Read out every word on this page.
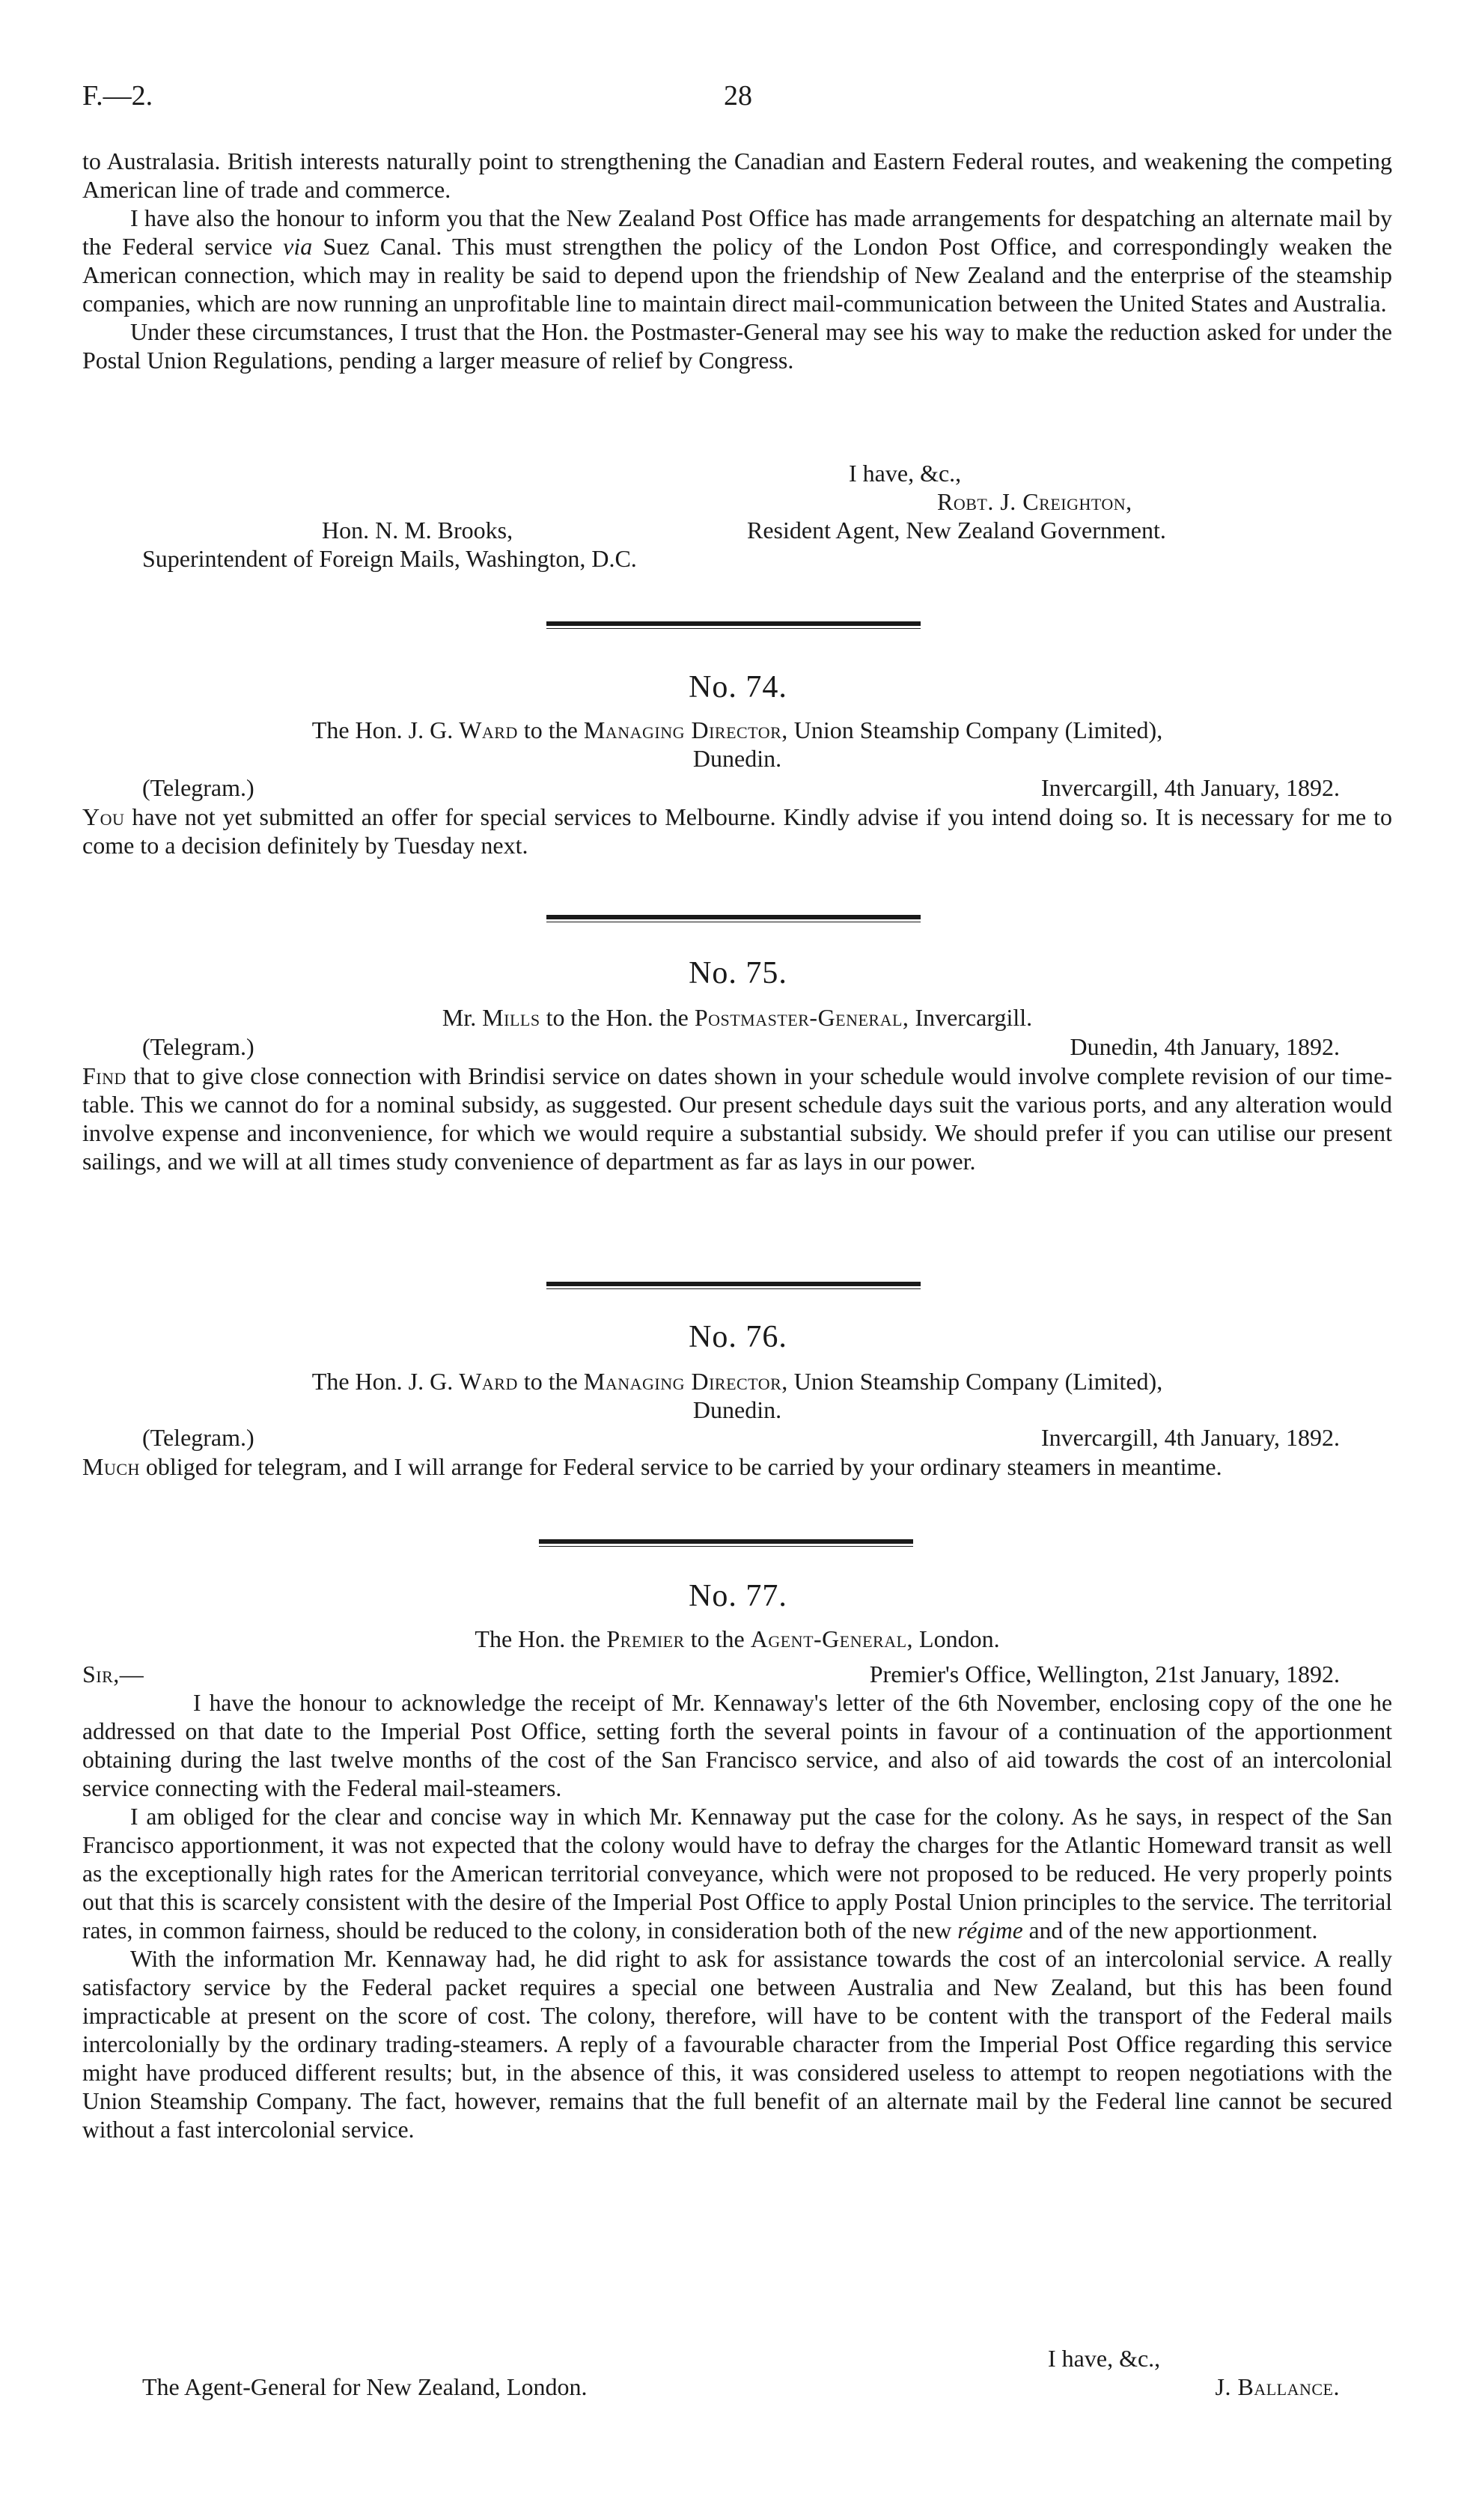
F.—2.	28

to Australasia. British interests naturally point to strengthening the Canadian and Eastern Federal routes, and weakening the competing American line of trade and commerce.

I have also the honour to inform you that the New Zealand Post Office has made arrangements for despatching an alternate mail by the Federal service via Suez Canal. This must strengthen the policy of the London Post Office, and correspondingly weaken the American connection, which may in reality be said to depend upon the friendship of New Zealand and the enterprise of the steamship companies, which are now running an unprofitable line to maintain direct mail-communication between the United States and Australia.

Under these circumstances, I trust that the Hon. the Postmaster-General may see his way to make the reduction asked for under the Postal Union Regulations, pending a larger measure of relief by Congress.

I have, &c.,
Robt. J. Creighton,
Hon. N. M. Brooks,	Resident Agent, New Zealand Government.
Superintendent of Foreign Mails, Washington, D.C.
No. 74.
The Hon. J. G. Ward to the Managing Director, Union Steamship Company (Limited),
Dunedin.
(Telegram.)	Invercargill, 4th January, 1892.
You have not yet submitted an offer for special services to Melbourne. Kindly advise if you intend doing so. It is necessary for me to come to a decision definitely by Tuesday next.
No. 75.
Mr. Mills to the Hon. the Postmaster-General, Invercargill.
(Telegram.)	Dunedin, 4th January, 1892.
Find that to give close connection with Brindisi service on dates shown in your schedule would involve complete revision of our time-table. This we cannot do for a nominal subsidy, as suggested. Our present schedule days suit the various ports, and any alteration would involve expense and inconvenience, for which we would require a substantial subsidy. We should prefer if you can utilise our present sailings, and we will at all times study convenience of department as far as lays in our power.
No. 76.
The Hon. J. G. Ward to the Managing Director, Union Steamship Company (Limited),
Dunedin.
(Telegram.)	Invercargill, 4th January, 1892.
Much obliged for telegram, and I will arrange for Federal service to be carried by your ordinary steamers in meantime.
No. 77.
The Hon. the Premier to the Agent-General, London.
Sir,—	Premier's Office, Wellington, 21st January, 1892.

I have the honour to acknowledge the receipt of Mr. Kennaway's letter of the 6th November, enclosing copy of the one he addressed on that date to the Imperial Post Office, setting forth the several points in favour of a continuation of the apportionment obtaining during the last twelve months of the cost of the San Francisco service, and also of aid towards the cost of an intercolonial service connecting with the Federal mail-steamers.

I am obliged for the clear and concise way in which Mr. Kennaway put the case for the colony. As he says, in respect of the San Francisco apportionment, it was not expected that the colony would have to defray the charges for the Atlantic Homeward transit as well as the exceptionally high rates for the American territorial conveyance, which were not proposed to be reduced. He very properly points out that this is scarcely consistent with the desire of the Imperial Post Office to apply Postal Union principles to the service. The territorial rates, in common fairness, should be reduced to the colony, in consideration both of the new régime and of the new apportionment.

With the information Mr. Kennaway had, he did right to ask for assistance towards the cost of an intercolonial service. A really satisfactory service by the Federal packet requires a special one between Australia and New Zealand, but this has been found impracticable at present on the score of cost. The colony, therefore, will have to be content with the transport of the Federal mails intercolonially by the ordinary trading-steamers. A reply of a favourable character from the Imperial Post Office regarding this service might have produced different results; but, in the absence of this, it was considered useless to attempt to reopen negotiations with the Union Steamship Company. The fact, however, remains that the full benefit of an alternate mail by the Federal line cannot be secured without a fast intercolonial service.

I have, &c.,
The Agent-General for New Zealand, London.	J. Ballance.
